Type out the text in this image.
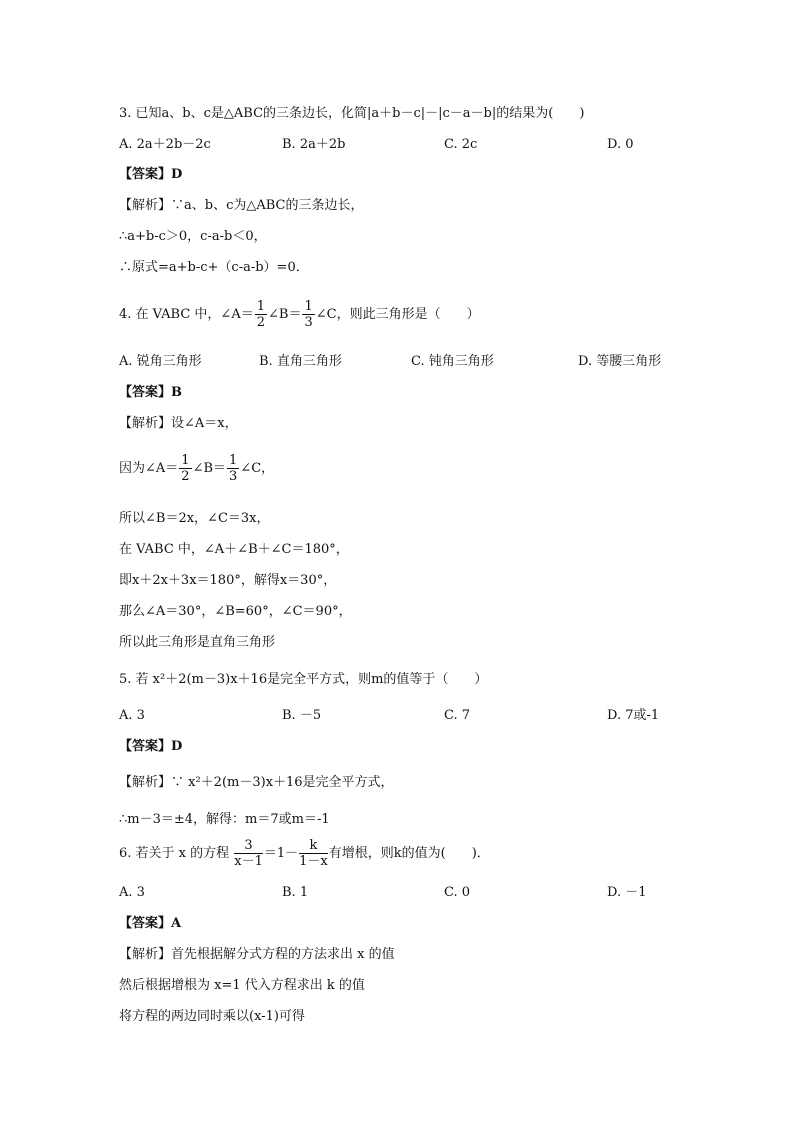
3. 已知a、b、c是△ABC的三条边长，化简|a＋b－c|－|c－a－b|的结果为(　　)
A. 2a＋2b－2c	B. 2a＋2b	C. 2c	D. 0
【答案】D
【解析】∵a、b、c为△ABC的三条边长，
∴a+b-c＞0，c-a-b＜0，
∴原式=a+b-c+（c-a-b）=0．
4. 在 VABC 中，∠A＝ $\frac{1}{2}$ ∠B＝ $\frac{1}{3}$ ∠C，则此三角形是（　　）
A. 锐角三角形	B. 直角三角形	C. 钝角三角形	D. 等腰三角形
【答案】B
【解析】设∠A＝x，
因为∠A＝ $\frac{1}{2}$ ∠B＝ $\frac{1}{3}$ ∠C，
所以∠B＝2x，∠C＝3x，
在 VABC 中，∠A＋∠B＋∠C＝180°，
即x＋2x＋3x＝180°，解得x＝30°，
那么∠A＝30°，∠B=60°，∠C＝90°，
所以此三角形是直角三角形
5. 若 x²＋2(m－3)x＋16是完全平方式，则m的值等于（　　）
A. 3	B. －5	C. 7	D. 7或-1
【答案】D
【解析】∵ x²＋2(m－3)x＋16是完全平方式，
∴m－3＝±4，解得：m＝7或m＝-1
6. 若关于 x 的方程 $\frac{3}{x-1} =1- \frac{k}{1-x}$ 有增根，则k的值为(　　)．
A. 3	B. 1	C. 0	D. －1
【答案】A
【解析】首先根据解分式方程的方法求出 x 的值
然后根据增根为 x=1 代入方程求出 k 的值
将方程的两边同时乘以(x-1)可得
